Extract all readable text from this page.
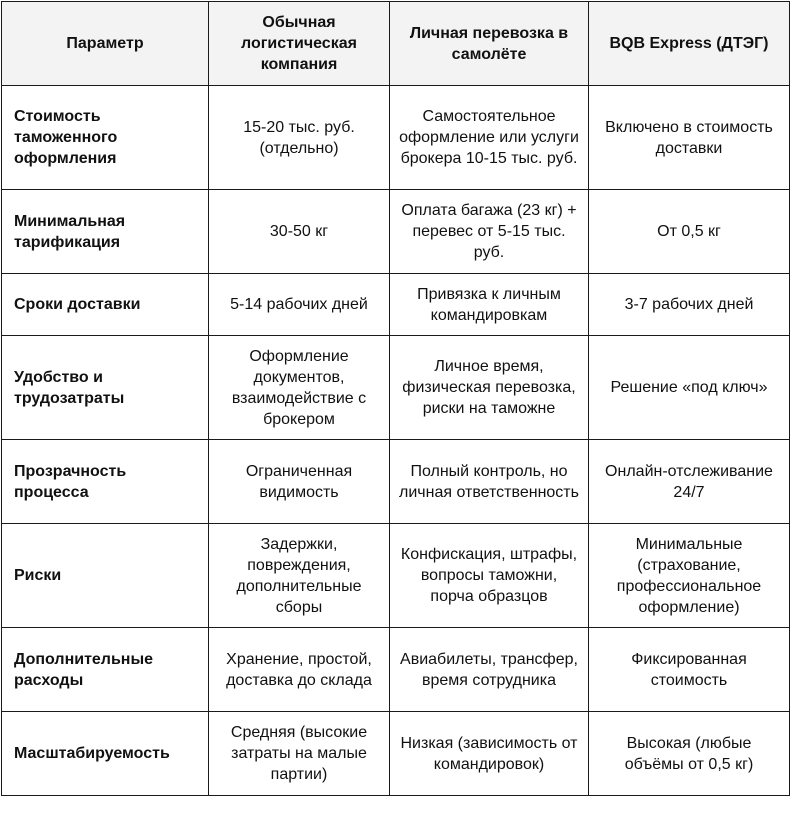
Параметр	Обычная логистическая компания	Личная перевозка в самолёте	BQB Express (ДТЭГ)
Стоимость таможенного оформления	15-20 тыс. руб. (отдельно)	Самостоятельное оформление или услуги брокера 10-15 тыс. руб.	Включено в стоимость доставки
Минимальная тарификация	30-50 кг	Оплата багажа (23 кг) + перевес от 5-15 тыс. руб.	От 0,5 кг
Сроки доставки	5-14 рабочих дней	Привязка к личным командировкам	3-7 рабочих дней
Удобство и трудозатраты	Оформление документов, взаимодействие с брокером	Личное время, физическая перевозка, риски на таможне	Решение «под ключ»
Прозрачность процесса	Ограниченная видимость	Полный контроль, но личная ответственность	Онлайн-отслеживание 24/7
Риски	Задержки, повреждения, дополнительные сборы	Конфискация, штрафы, вопросы таможни, порча образцов	Минимальные (страхование, профессиональное оформление)
Дополнительные расходы	Хранение, простой, доставка до склада	Авиабилеты, трансфер, время сотрудника	Фиксированная стоимость
Масштабируемость	Средняя (высокие затраты на малые партии)	Низкая (зависимость от командировок)	Высокая (любые объёмы от 0,5 кг)
